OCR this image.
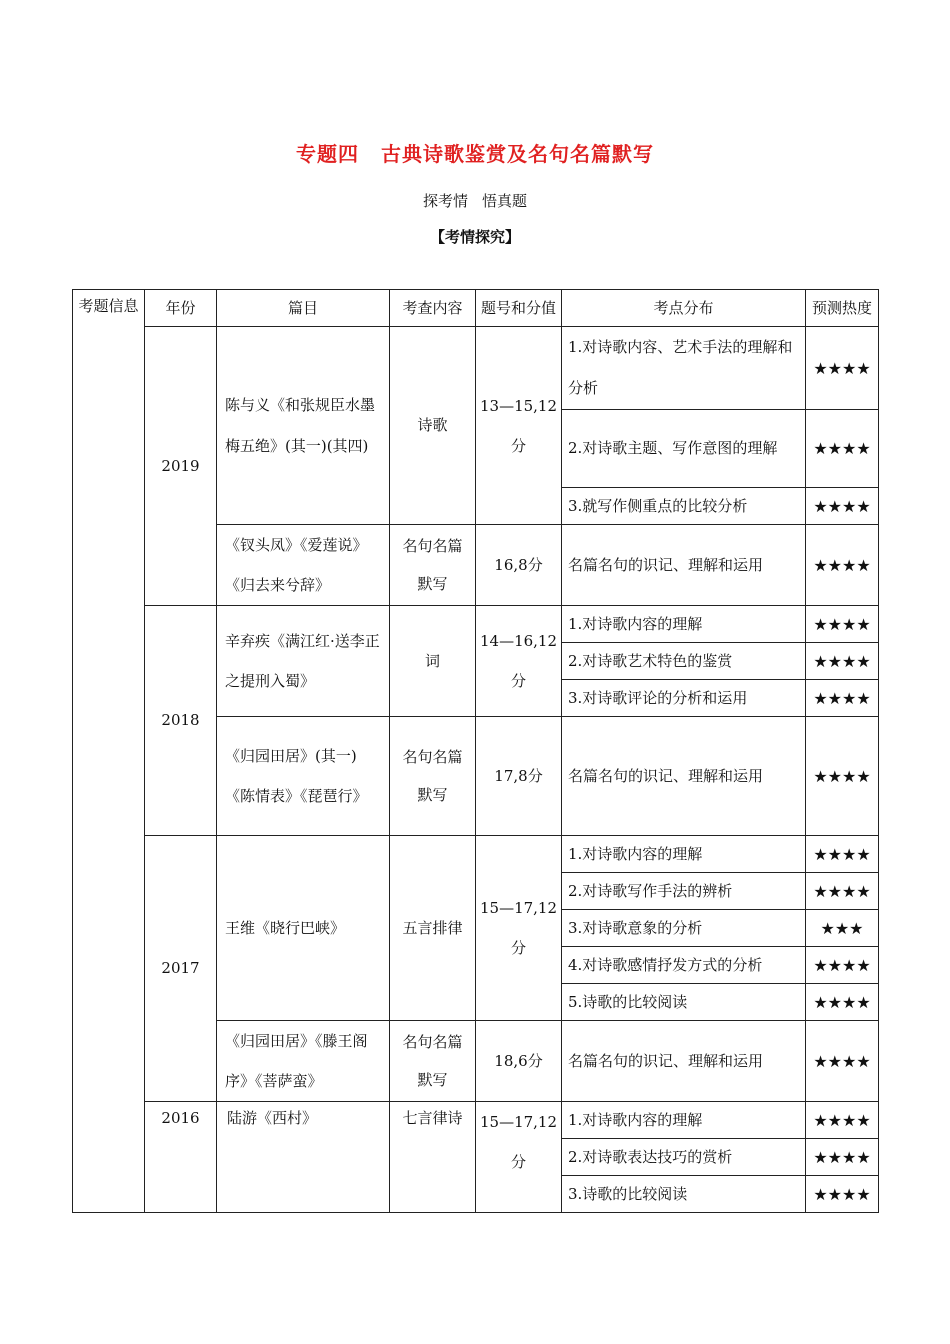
专题四 古典诗歌鉴赏及名句名篇默写
探考情 悟真题
【考情探究】
考题信息	年份	篇目	考查内容	题号和分值	考点分布	预测热度
	2019	陈与义《和张规臣水墨梅五绝》(其一)(其四)	诗歌	13—15,12分	1.对诗歌内容、艺术手法的理解和分析	★★★★
					2.对诗歌主题、写作意图的理解	★★★★
					3.就写作侧重点的比较分析	★★★★
		《钗头凤》《爱莲说》《归去来兮辞》	名句名篇默写	16,8分	名篇名句的识记、理解和运用	★★★★
	2018	辛弃疾《满江红·送李正之提刑入蜀》	词	14—16,12分	1.对诗歌内容的理解	★★★★
					2.对诗歌艺术特色的鉴赏	★★★★
					3.对诗歌评论的分析和运用	★★★★
		《归园田居》(其一)《陈情表》《琵琶行》	名句名篇默写	17,8分	名篇名句的识记、理解和运用	★★★★
	2017	王维《晓行巴峡》	五言排律	15—17,12分	1.对诗歌内容的理解	★★★★
					2.对诗歌写作手法的辨析	★★★★
					3.对诗歌意象的分析	★★★
					4.对诗歌感情抒发方式的分析	★★★★
					5.诗歌的比较阅读	★★★★
		《归园田居》《滕王阁序》《菩萨蛮》	名句名篇默写	18,6分	名篇名句的识记、理解和运用	★★★★
	2016	陆游《西村》	七言律诗	15—17,12分	1.对诗歌内容的理解	★★★★
					2.对诗歌表达技巧的赏析	★★★★
					3.诗歌的比较阅读	★★★★
